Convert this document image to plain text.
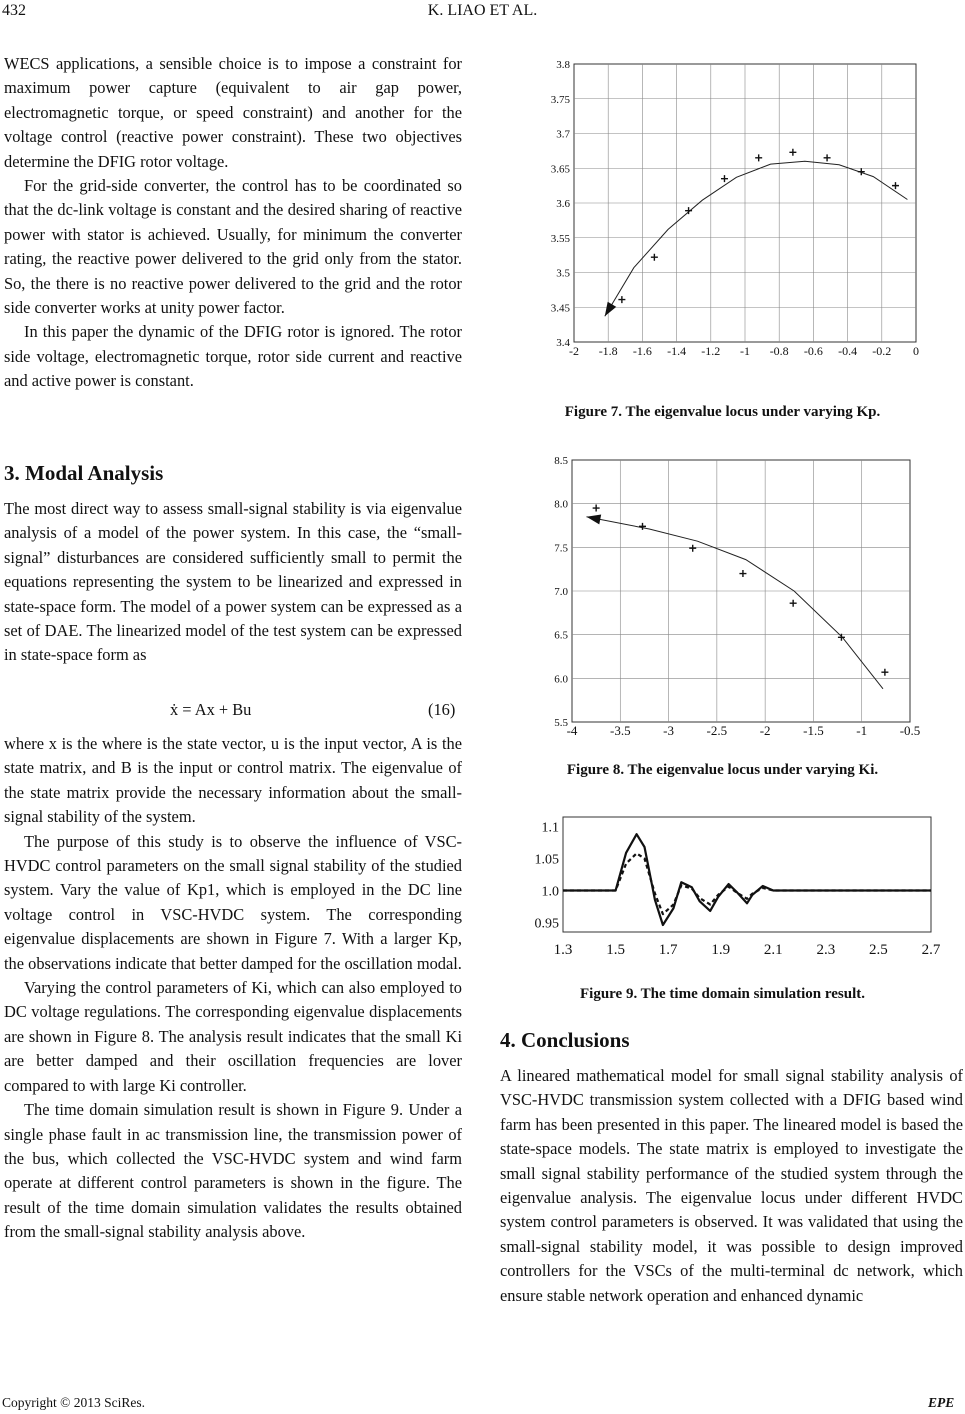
432	K. LIAO ET AL.

WECS applications, a sensible choice is to impose a constraint for maximum power capture (equivalent to air gap power, electromagnetic torque, or speed constraint) and another for the voltage control (reactive power constraint). These two objectives determine the DFIG rotor voltage.

For the grid-side converter, the control has to be coordinated so that the dc-link voltage is constant and the desired sharing of reactive power with stator is achieved. Usually, for minimum the converter rating, the reactive power delivered to the grid only from the stator. So, the there is no reactive power delivered to the grid and the rotor side converter works at unity power factor.

In this paper the dynamic of the DFIG rotor is ignored. The rotor side voltage, electromagnetic torque, rotor side current and reactive and active power is constant.

3. Modal Analysis

The most direct way to assess small-signal stability is via eigenvalue analysis of a model of the power system. In this case, the “small-signal” disturbances are considered sufficiently small to permit the equations representing the system to be linearized and expressed in state-space form. The model of a power system can be expressed as a set of DAE. The linearized model of the test system can be expressed in state-space form as

ẋ = Ax + Bu	(16)

where x is the where is the state vector, u is the input vector, A is the state matrix, and B is the input or control matrix. The eigenvalue of the state matrix provide the necessary information about the small-signal stability of the system.

The purpose of this study is to observe the influence of VSC-HVDC control parameters on the small signal stability of the studied system. Vary the value of Kp1, which is employed in the DC line voltage control in VSC-HVDC system. The corresponding eigenvalue displacements are shown in Figure 7. With a larger Kp, the observations indicate that better damped for the oscillation modal.

Varying the control parameters of Ki, which can also employed to DC voltage regulations. The corresponding eigenvalue displacements are shown in Figure 8. The analysis result indicates that the small Ki are better damped and their oscillation frequencies are lover compared to with large Ki controller.

The time domain simulation result is shown in Figure 9. Under a single phase fault in ac transmission line, the transmission power of the bus, which collected the VSC-HVDC system and wind farm operate at different control parameters is shown in the figure. The result of the time domain simulation validates the results obtained from the small-signal stability analysis above.

-2 -1.8 -1.6 -1.4 -1.2 -1 -0.8 -0.6 -0.4 -0.2 0
3.4
3.45
3.5
3.55
3.6
3.65
3.7
3.75
3.8
Figure 7. The eigenvalue locus under varying Kp.
-4	-3.5	-3	-2.5	-2	-1.5	-1	-0.5
5.5
6.0
6.5
7.0
7.5
8.0
8.5
Figure 8. The eigenvalue locus under varying Ki.
1.3 1.5 1.7 1.9 2.1 2.3 2.5 2.7
0.95
1.0
1.05
1.1
Figure 9. The time domain simulation result.
4. Conclusions

A lineared mathematical model for small signal stability analysis of VSC-HVDC transmission system collected with a DFIG based wind farm has been presented in this paper. The lineared model is based the state-space models. The state matrix is employed to investigate the small signal stability performance of the studied system through the eigenvalue analysis. The eigenvalue locus under different HVDC system control parameters is observed. It was validated that using the small-signal stability model, it was possible to design improved controllers for the VSCs of the multi-terminal dc network, which ensure stable network operation and enhanced dynamic

Copyright © 2013 SciRes.	EPE
